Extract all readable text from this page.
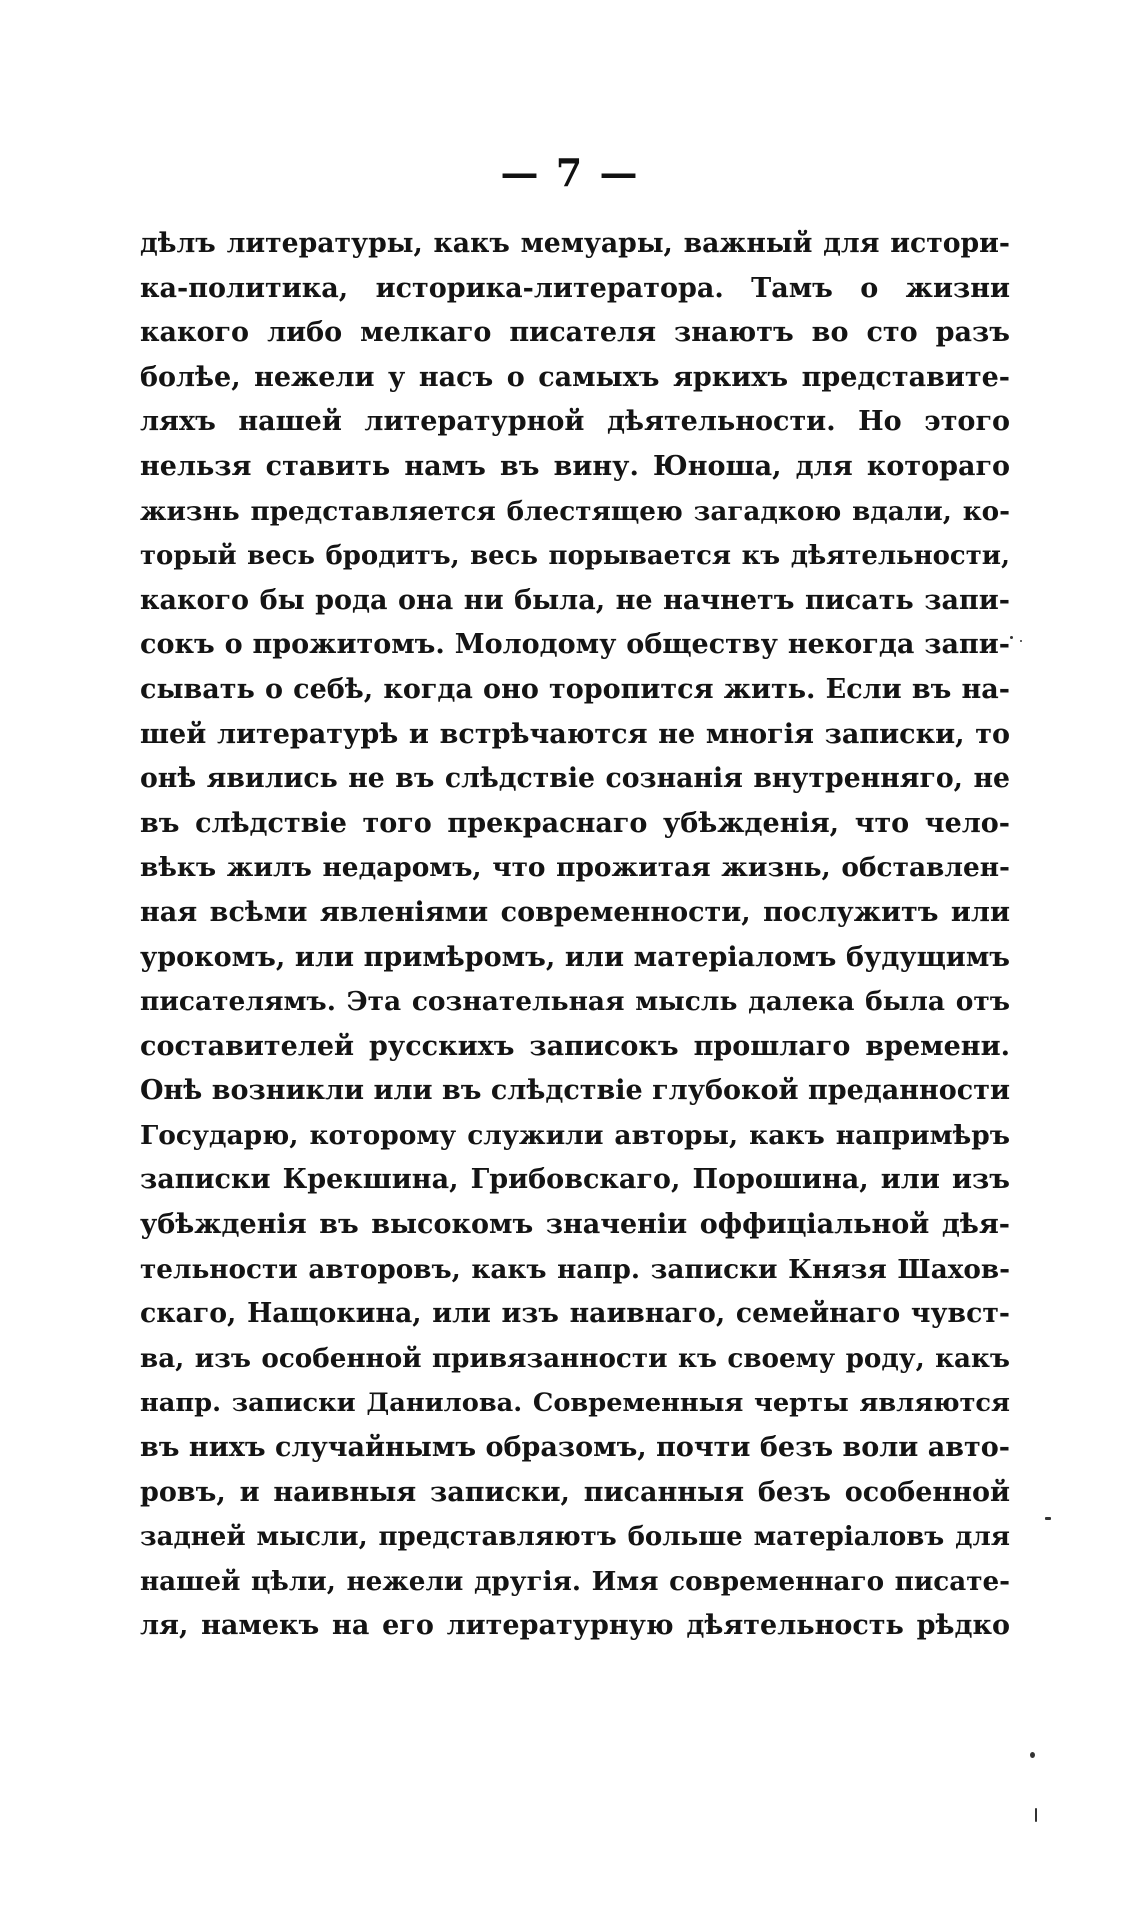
— 7 —
дѣлъ литературы, какъ мемуары, важный для истори-
ка-политика, историка-литератора. Тамъ о жизни
какого либо мелкаго писателя знаютъ во сто разъ
болѣе, нежели у насъ о самыхъ яркихъ представите-
ляхъ нашей литературной дѣятельности. Но этого
нельзя ставить намъ въ вину. Юноша, для котораго
жизнь представляется блестящею загадкою вдали, ко-
торый весь бродитъ, весь порывается къ дѣятельности,
какого бы рода она ни была, не начнетъ писать запи-
сокъ о прожитомъ. Молодому обществу некогда запи-
сывать о себѣ, когда оно торопится жить. Если въ на-
шей литературѣ и встрѣчаются не многія записки, то
онѣ явились не въ слѣдствіе сознанія внутренняго, не
въ слѣдствіе того прекраснаго убѣжденія, что чело-
вѣкъ жилъ недаромъ, что прожитая жизнь, обставлен-
ная всѣми явленіями современности, послужитъ или
урокомъ, или примѣромъ, или матеріаломъ будущимъ
писателямъ. Эта сознательная мысль далека была отъ
составителей русскихъ записокъ прошлаго времени.
Онѣ возникли или въ слѣдствіе глубокой преданности
Государю, которому служили авторы, какъ напримѣръ
записки Крекшина, Грибовскаго, Порошина, или изъ
убѣжденія въ высокомъ значеніи оффиціальной дѣя-
тельности авторовъ, какъ напр. записки Князя Шахов-
скаго, Нащокина, или изъ наивнаго, семейнаго чувст-
ва, изъ особенной привязанности къ своему роду, какъ
напр. записки Данилова. Современныя черты являются
въ нихъ случайнымъ образомъ, почти безъ воли авто-
ровъ, и наивныя записки, писанныя безъ особенной
задней мысли, представляютъ больше матеріаловъ для
нашей цѣли, нежели другія. Имя современнаго писате-
ля, намекъ на его литературную дѣятельность рѣдко
